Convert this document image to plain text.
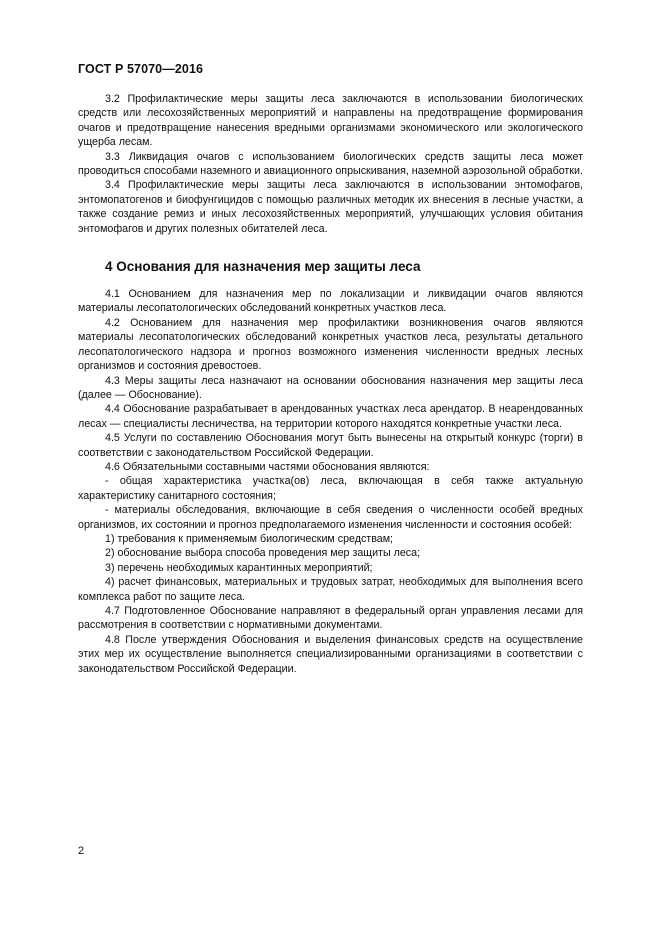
ГОСТ Р 57070—2016

3.2 Профилактические меры защиты леса заключаются в использовании биологических средств или лесохозяйственных мероприятий и направлены на предотвращение формирования очагов и предотвращение нанесения вредными организмами экономического или экологического ущерба лесам.

3.3 Ликвидация очагов с использованием биологических средств защиты леса может проводиться способами наземного и авиационного опрыскивания, наземной аэрозольной обработки.

3.4 Профилактические меры защиты леса заключаются в использовании энтомофагов, энтомопатогенов и биофунгицидов с помощью различных методик их внесения в лесные участки, а также создание ремиз и иных лесохозяйственных мероприятий, улучшающих условия обитания энтомофагов и других полезных обитателей леса.

4 Основания для назначения мер защиты леса

4.1 Основанием для назначения мер по локализации и ликвидации очагов являются материалы лесопатологических обследований конкретных участков леса.

4.2 Основанием для назначения мер профилактики возникновения очагов являются материалы лесопатологических обследований конкретных участков леса, результаты детального лесопатологического надзора и прогноз возможного изменения численности вредных лесных организмов и состояния древостоев.

4.3 Меры защиты леса назначают на основании обоснования назначения мер защиты леса (далее — Обоснование).

4.4 Обоснование разрабатывает в арендованных участках леса арендатор. В неарендованных лесах — специалисты лесничества, на территории которого находятся конкретные участки леса.

4.5 Услуги по составлению Обоснования могут быть вынесены на открытый конкурс (торги) в соответствии с законодательством Российской Федерации.

4.6 Обязательными составными частями обоснования являются:

- общая характеристика участка(ов) леса, включающая в себя также актуальную характеристику санитарного состояния;

- материалы обследования, включающие в себя сведения о численности особей вредных организмов, их состоянии и прогноз предполагаемого изменения численности и состояния особей:

1) требования к применяемым биологическим средствам;

2) обоснование выбора способа проведения мер защиты леса;

3) перечень необходимых карантинных мероприятий;

4) расчет финансовых, материальных и трудовых затрат, необходимых для выполнения всего комплекса работ по защите леса.

4.7 Подготовленное Обоснование направляют в федеральный орган управления лесами для рассмотрения в соответствии с нормативными документами.

4.8 После утверждения Обоснования и выделения финансовых средств на осуществление этих мер их осуществление выполняется специализированными организациями в соответствии с законодательством Российской Федерации.

2
